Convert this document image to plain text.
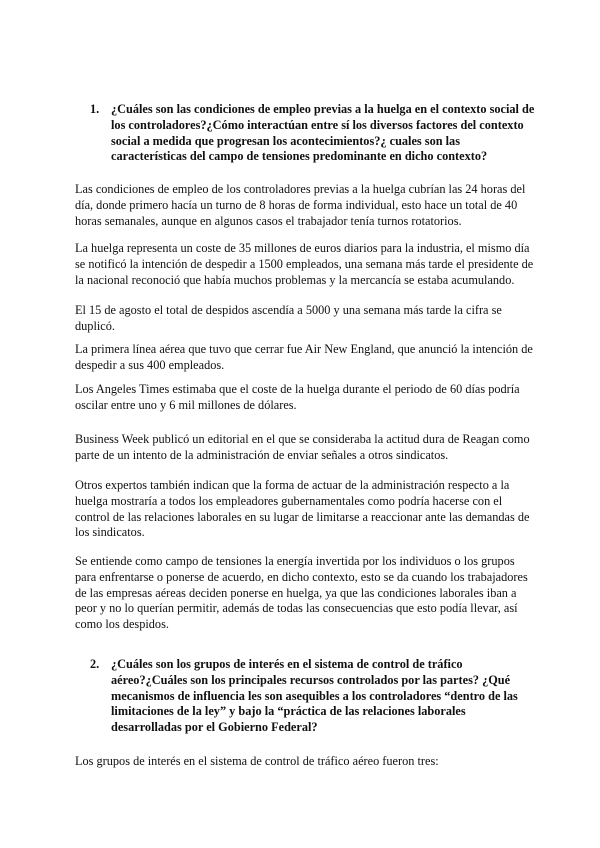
1. ¿Cuáles son las condiciones de empleo previas a la huelga en el contexto social de
los controladores?¿Cómo interactúan entre sí los diversos factores del contexto
social a medida que progresan los acontecimientos?¿ cuales son las
características del campo de tensiones predominante en dicho contexto?
Las condiciones de empleo de los controladores previas a la huelga cubrían las 24 horas del
día, donde primero hacía un turno de 8 horas de forma individual, esto hace un total de 40
horas semanales, aunque en algunos casos el trabajador tenía turnos rotatorios.
La huelga representa un coste de 35 millones de euros diarios para la industria, el mismo día
se notificó la intención de despedir a 1500 empleados, una semana más tarde el presidente de
la nacional reconoció que había muchos problemas y la mercancía se estaba acumulando.
El 15 de agosto el total de despidos ascendía a 5000 y una semana más tarde la cifra se
duplicó.
La primera línea aérea que tuvo que cerrar fue Air New England, que anunció la intención de
despedir a sus 400 empleados.
Los Angeles Times estimaba que el coste de la huelga durante el periodo de 60 días podría
oscilar entre uno y 6 mil millones de dólares.
Business Week publicó un editorial en el que se consideraba la actitud dura de Reagan como
parte de un intento de la administración de enviar señales a otros sindicatos.
Otros expertos también indican que la forma de actuar de la administración respecto a la
huelga mostraría a todos los empleadores gubernamentales como podría hacerse con el
control de las relaciones laborales en su lugar de limitarse a reaccionar ante las demandas de
los sindicatos.
Se entiende como campo de tensiones la energía invertida por los individuos o los grupos
para enfrentarse o ponerse de acuerdo, en dicho contexto, esto se da cuando los trabajadores
de las empresas aéreas deciden ponerse en huelga, ya que las condiciones laborales iban a
peor y no lo querían permitir, además de todas las consecuencias que esto podía llevar, así
como los despidos.
2. ¿Cuáles son los grupos de interés en el sistema de control de tráfico
aéreo?¿Cuáles son los principales recursos controlados por las partes? ¿Qué
mecanismos de influencia les son asequibles a los controladores “dentro de las
limitaciones de la ley” y bajo la “práctica de las relaciones laborales
desarrolladas por el Gobierno Federal?
Los grupos de interés en el sistema de control de tráfico aéreo fueron tres:
